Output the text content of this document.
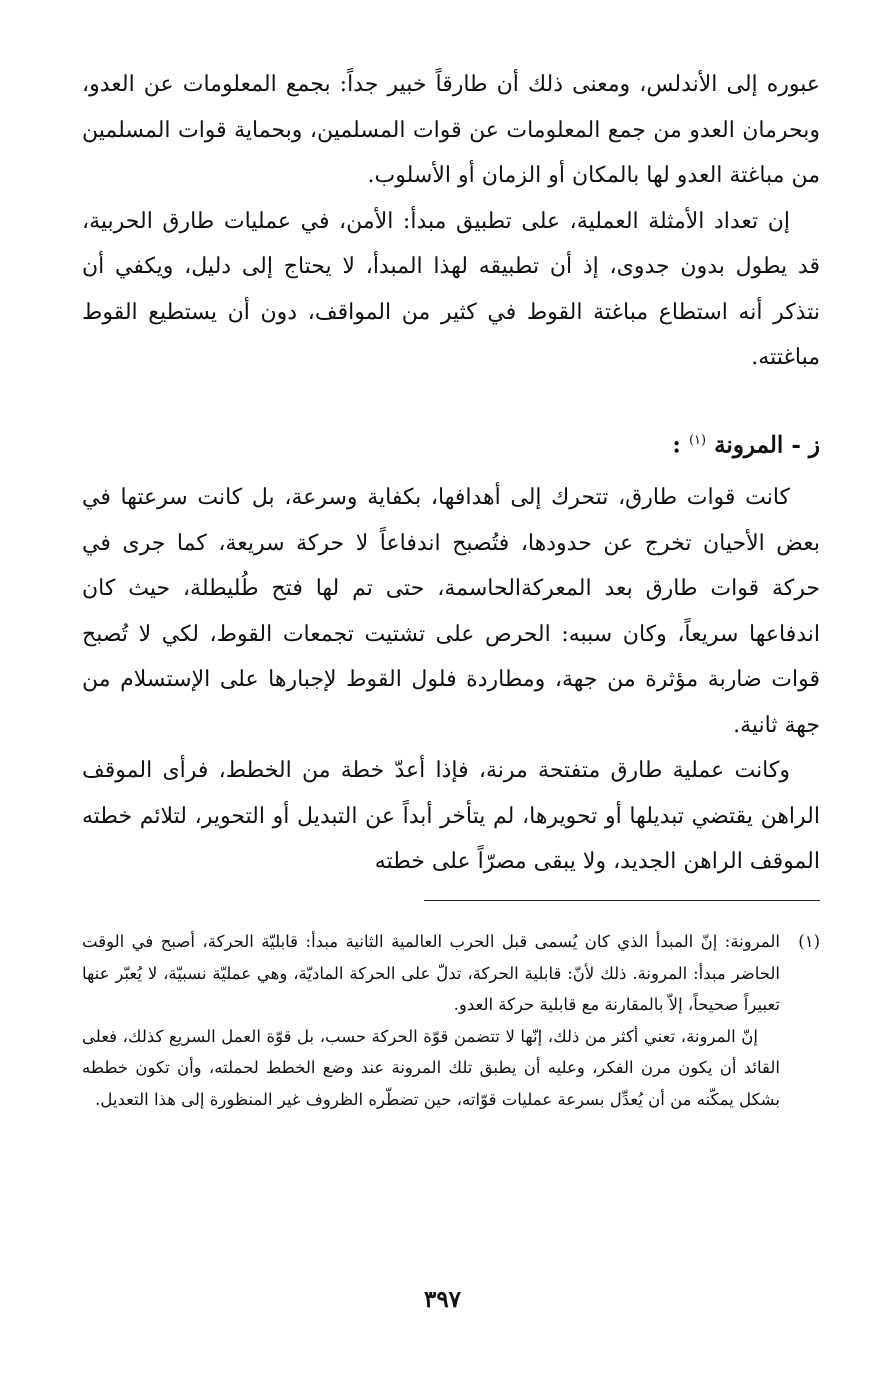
عبوره إلى الأندلس، ومعنى ذلك أن طارقاً خبير جداً: بجمع المعلومات عن العدو، وبحرمان العدو من جمع المعلومات عن قوات المسلمين، وبحماية قوات المسلمين من مباغتة العدو لها بالمكان أو الزمان أو الأسلوب.

إن تعداد الأمثلة العملية، على تطبيق مبدأ: الأمن، في عمليات طارق الحربية، قد يطول بدون جدوى، إذ أن تطبيقه لهذا المبدأ، لا يحتاج إلى دليل، ويكفي أن نتذكر أنه استطاع مباغتة القوط في كثير من المواقف، دون أن يستطيع القوط مباغتته.

ز - المرونة $^{(١)}$ :

كانت قوات طارق، تتحرك إلى أهدافها، بكفاية وسرعة، بل كانت سرعتها في بعض الأحيان تخرج عن حدودها، فتُصبح اندفاعاً لا حركة سريعة، كما جرى في حركة قوات طارق بعد المعركةالحاسمة، حتى تم لها فتح طُليطلة، حيث كان اندفاعها سريعاً، وكان سببه: الحرص على تشتيت تجمعات القوط، لكي لا تُصبح قوات ضاربة مؤثرة من جهة، ومطاردة فلول القوط لإجبارها على الإستسلام من جهة ثانية.

وكانت عملية طارق متفتحة مرنة، فإذا أعدّ خطة من الخطط، فرأى الموقف الراهن يقتضي تبديلها أو تحويرها، لم يتأخر أبداً عن التبديل أو التحوير، لتلائم خطته الموقف الراهن الجديد، ولا يبقى مصرّاً على خطته

(١)

المرونة: إنّ المبدأ الذي كان يُسمى قبل الحرب العالمية الثانية مبدأ: قابليّة الحركة، أصبح في الوقت الحاضر مبدأ: المرونة. ذلك لأنّ: قابلية الحركة، تدلّ على الحركة الماديّة، وهي عمليّة نسبيّة، لا يُعبّر عنها تعبيراً صحيحاً، إلاّ بالمقارنة مع قابلية حركة العدو.

إنّ المرونة، تعني أكثر من ذلك، إنّها لا تتضمن قوّة الحركة حسب، بل قوّة العمل السريع كذلك، فعلى القائد أن يكون مرن الفكر، وعليه أن يطبق تلك المرونة عند وضع الخطط لحملته، وأن تكون خططه بشكل يمكّنه من أن يُعدِّل بسرعة عمليات قوّاته، حين تضطّره الظروف غير المنظورة إلى هذا التعديل.

٣٩٧
